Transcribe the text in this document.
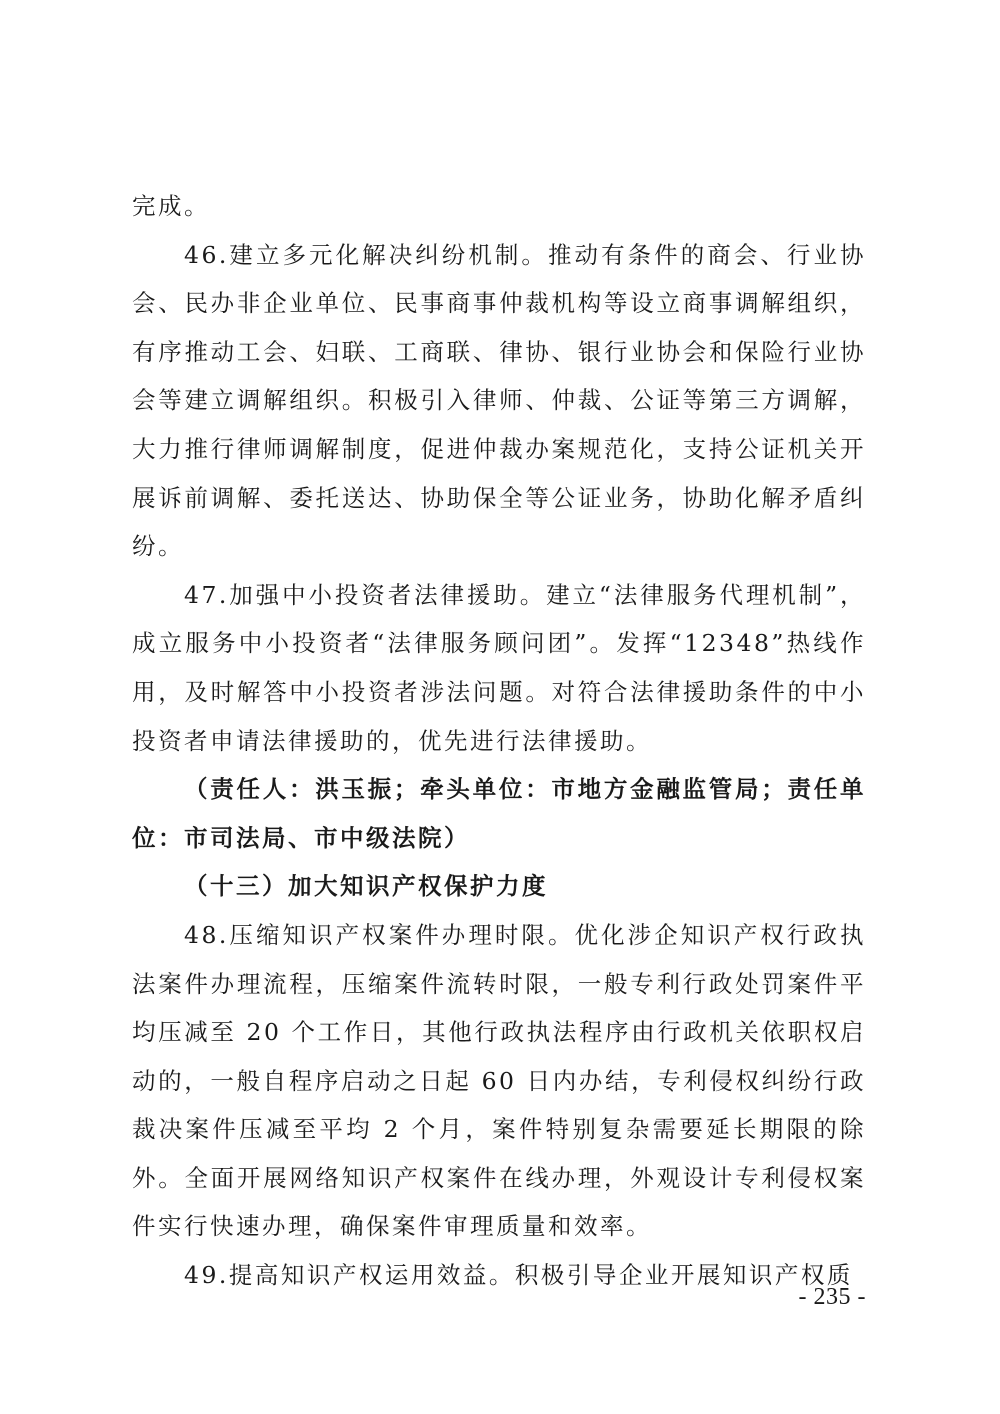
完成。

46.建立多元化解决纠纷机制。推动有条件的商会、行业协会、民办非企业单位、民事商事仲裁机构等设立商事调解组织，有序推动工会、妇联、工商联、律协、银行业协会和保险行业协会等建立调解组织。积极引入律师、仲裁、公证等第三方调解，大力推行律师调解制度，促进仲裁办案规范化，支持公证机关开展诉前调解、委托送达、协助保全等公证业务，协助化解矛盾纠纷。

47.加强中小投资者法律援助。建立“法律服务代理机制”，成立服务中小投资者“法律服务顾问团”。发挥“12348”热线作用，及时解答中小投资者涉法问题。对符合法律援助条件的中小投资者申请法律援助的，优先进行法律援助。

（责任人：洪玉振；牵头单位：市地方金融监管局；责任单位：市司法局、市中级法院）

（十三）加大知识产权保护力度

48.压缩知识产权案件办理时限。优化涉企知识产权行政执法案件办理流程，压缩案件流转时限，一般专利行政处罚案件平均压减至 20 个工作日，其他行政执法程序由行政机关依职权启动的，一般自程序启动之日起 60 日内办结，专利侵权纠纷行政裁决案件压减至平均 2 个月，案件特别复杂需要延长期限的除外。全面开展网络知识产权案件在线办理，外观设计专利侵权案件实行快速办理，确保案件审理质量和效率。

49.提高知识产权运用效益。积极引导企业开展知识产权质

- 235 -
